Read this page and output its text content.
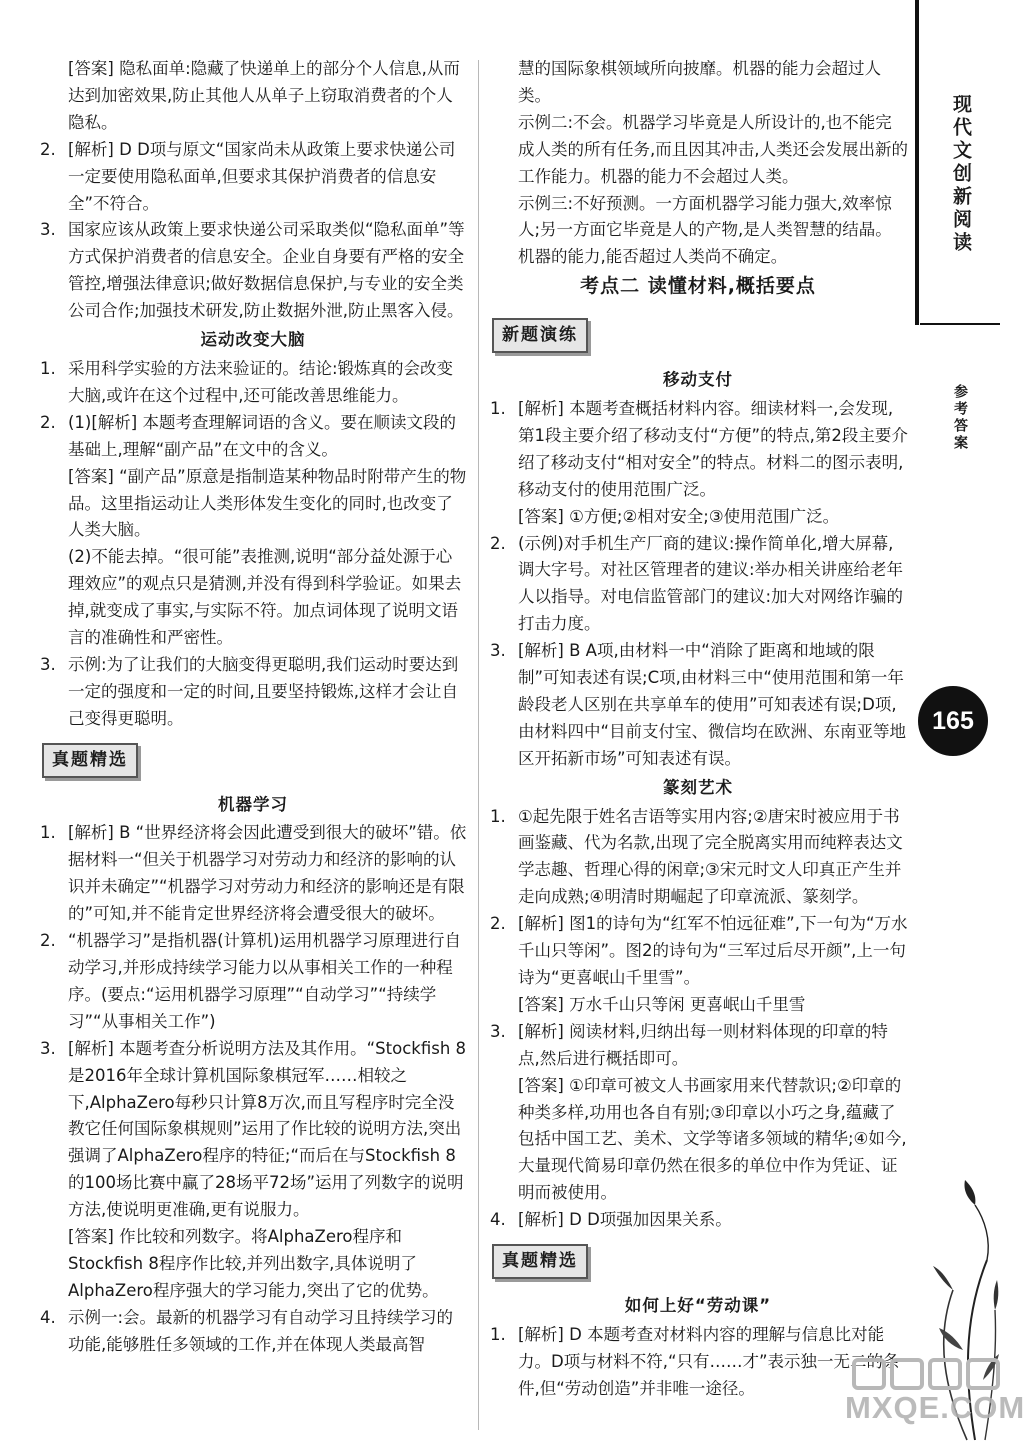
[答案] 隐私面单:隐藏了快递单上的部分个人信息,从而达到加密效果,防止其他人从单子上窃取消费者的个人隐私。

2. [解析] D D项与原文“国家尚未从政策上要求快递公司一定要使用隐私面单,但要求其保护消费者的信息安全”不符合。

3. 国家应该从政策上要求快递公司采取类似“隐私面单”等方式保护消费者的信息安全。企业自身要有严格的安全管控,增强法律意识;做好数据信息保护,与专业的安全类公司合作;加强技术研发,防止数据外泄,防止黑客入侵。

运动改变大脑

1. 采用科学实验的方法来验证的。结论:锻炼真的会改变大脑,或许在这个过程中,还可能改善思维能力。

2. (1)[解析] 本题考查理解词语的含义。要在顺读文段的基础上,理解“副产品”在文中的含义。

[答案] “副产品”原意是指制造某种物品时附带产生的物品。这里指运动让人类形体发生变化的同时,也改变了人类大脑。

(2)不能去掉。“很可能”表推测,说明“部分益处源于心理效应”的观点只是猜测,并没有得到科学验证。如果去掉,就变成了事实,与实际不符。加点词体现了说明文语言的准确性和严密性。

3. 示例:为了让我们的大脑变得更聪明,我们运动时要达到一定的强度和一定的时间,且要坚持锻炼,这样才会让自己变得更聪明。

真题精选

机器学习

1. [解析] B “世界经济将会因此遭受到很大的破坏”错。依据材料一“但关于机器学习对劳动力和经济的影响的认识并未确定”“机器学习对劳动力和经济的影响还是有限的”可知,并不能肯定世界经济将会遭受很大的破坏。

2. “机器学习”是指机器(计算机)运用机器学习原理进行自动学习,并形成持续学习能力以从事相关工作的一种程序。(要点:“运用机器学习原理”“自动学习”“持续学习”“从事相关工作”)

3. [解析] 本题考查分析说明方法及其作用。“Stockfish 8是2016年全球计算机国际象棋冠军……相较之下,AlphaZero每秒只计算8万次,而且写程序时完全没教它任何国际象棋规则”运用了作比较的说明方法,突出强调了AlphaZero程序的特征;“而后在与Stockfish 8的100场比赛中赢了28场平72场”运用了列数字的说明方法,使说明更准确,更有说服力。

[答案] 作比较和列数字。将AlphaZero程序和Stockfish 8程序作比较,并列出数字,具体说明了AlphaZero程序强大的学习能力,突出了它的优势。

4. 示例一:会。最新的机器学习有自动学习且持续学习的功能,能够胜任多领域的工作,并在体现人类最高智

慧的国际象棋领域所向披靡。机器的能力会超过人类。

示例二:不会。机器学习毕竟是人所设计的,也不能完成人类的所有任务,而且因其冲击,人类还会发展出新的工作能力。机器的能力不会超过人类。

示例三:不好预测。一方面机器学习能力强大,效率惊人;另一方面它毕竟是人的产物,是人类智慧的结晶。机器的能力,能否超过人类尚不确定。

考点二 读懂材料,概括要点

新题演练

移动支付

1. [解析] 本题考查概括材料内容。细读材料一,会发现,第1段主要介绍了移动支付“方便”的特点,第2段主要介绍了移动支付“相对安全”的特点。材料二的图示表明,移动支付的使用范围广泛。

[答案] ①方便;②相对安全;③使用范围广泛。

2. (示例)对手机生产厂商的建议:操作简单化,增大屏幕,调大字号。对社区管理者的建议:举办相关讲座给老年人以指导。对电信监管部门的建议:加大对网络诈骗的打击力度。

3. [解析] B A项,由材料一中“消除了距离和地域的限制”可知表述有误;C项,由材料三中“使用范围和第一年龄段老人区别在共享单车的使用”可知表述有误;D项,由材料四中“目前支付宝、微信均在欧洲、东南亚等地区开拓新市场”可知表述有误。

篆刻艺术

1. ①起先限于姓名吉语等实用内容;②唐宋时被应用于书画鉴藏、代为名款,出现了完全脱离实用而纯粹表达文学志趣、哲理心得的闲章;③宋元时文人印真正产生并走向成熟;④明清时期崛起了印章流派、篆刻学。

2. [解析] 图1的诗句为“红军不怕远征难”,下一句为“万水千山只等闲”。图2的诗句为“三军过后尽开颜”,上一句诗为“更喜岷山千里雪”。

[答案] 万水千山只等闲 更喜岷山千里雪

3. [解析] 阅读材料,归纳出每一则材料体现的印章的特点,然后进行概括即可。

[答案] ①印章可被文人书画家用来代替款识;②印章的种类多样,功用也各自有别;③印章以小巧之身,蕴藏了包括中国工艺、美术、文学等诸多领域的精华;④如今,大量现代简易印章仍然在很多的单位中作为凭证、证明而被使用。

4. [解析] D D项强加因果关系。

真题精选

如何上好“劳动课”

1. [解析] D 本题考查对材料内容的理解与信息比对能力。D项与材料不符,“只有……才”表示独一无二的条件,但“劳动创造”并非唯一途径。

现代文创新阅读
参考答案
165
MXQE.COM
